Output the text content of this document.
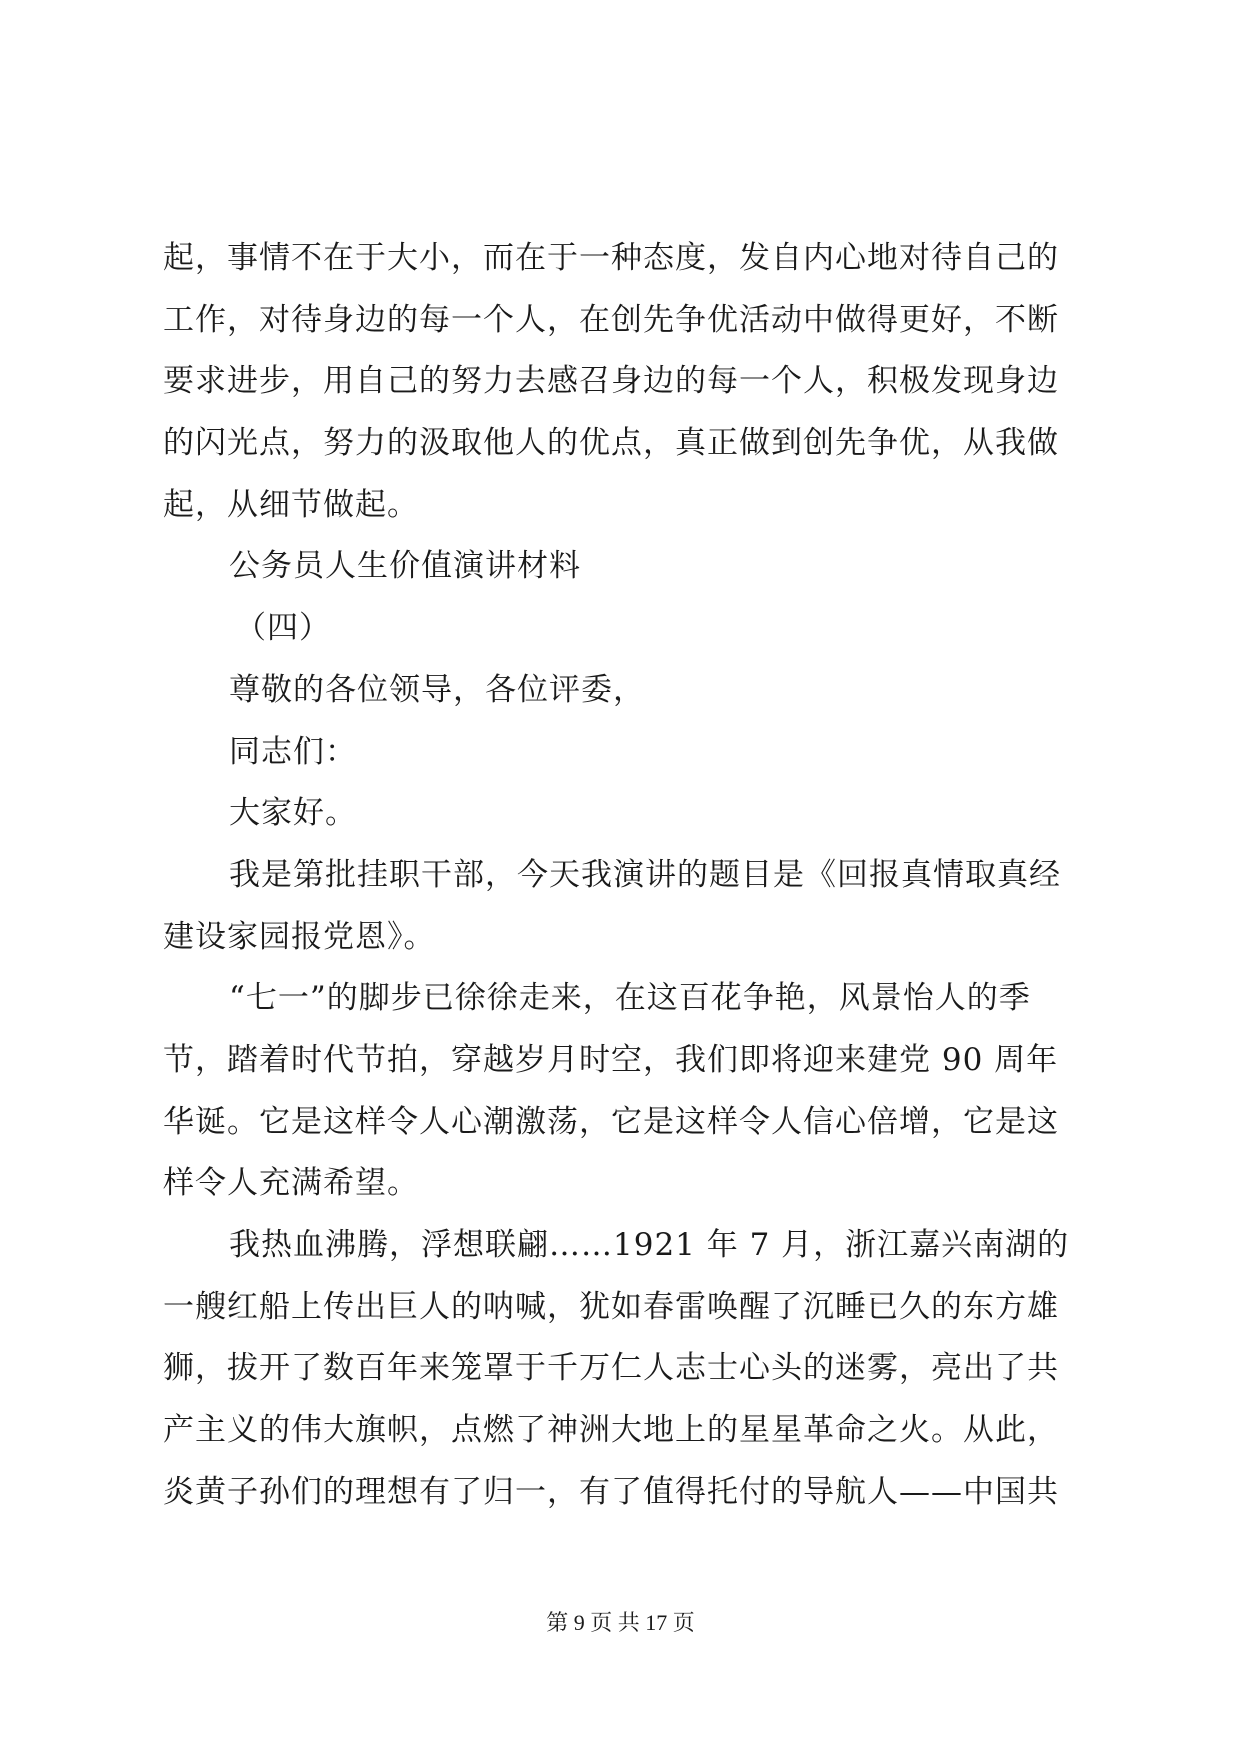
起，事情不在于大小，而在于一种态度，发自内心地对待自己的
工作，对待身边的每一个人，在创先争优活动中做得更好，不断
要求进步，用自己的努力去感召身边的每一个人，积极发现身边
的闪光点，努力的汲取他人的优点，真正做到创先争优，从我做
起，从细节做起。
公务员人生价值演讲材料
（四）
尊敬的各位领导，各位评委，
同志们：
大家好。
我是第批挂职干部，今天我演讲的题目是《回报真情取真经
建设家园报党恩》。
“七一”的脚步已徐徐走来，在这百花争艳，风景怡人的季
节，踏着时代节拍，穿越岁月时空，我们即将迎来建党 90 周年
华诞。它是这样令人心潮激荡，它是这样令人信心倍增，它是这
样令人充满希望。
我热血沸腾，浮想联翩……1921 年 7 月，浙江嘉兴南湖的
一艘红船上传出巨人的呐喊，犹如春雷唤醒了沉睡已久的东方雄
狮，拔开了数百年来笼罩于千万仁人志士心头的迷雾，亮出了共
产主义的伟大旗帜，点燃了神洲大地上的星星革命之火。从此，
炎黄子孙们的理想有了归一，有了值得托付的导航人——中国共
第 9 页 共 17 页
